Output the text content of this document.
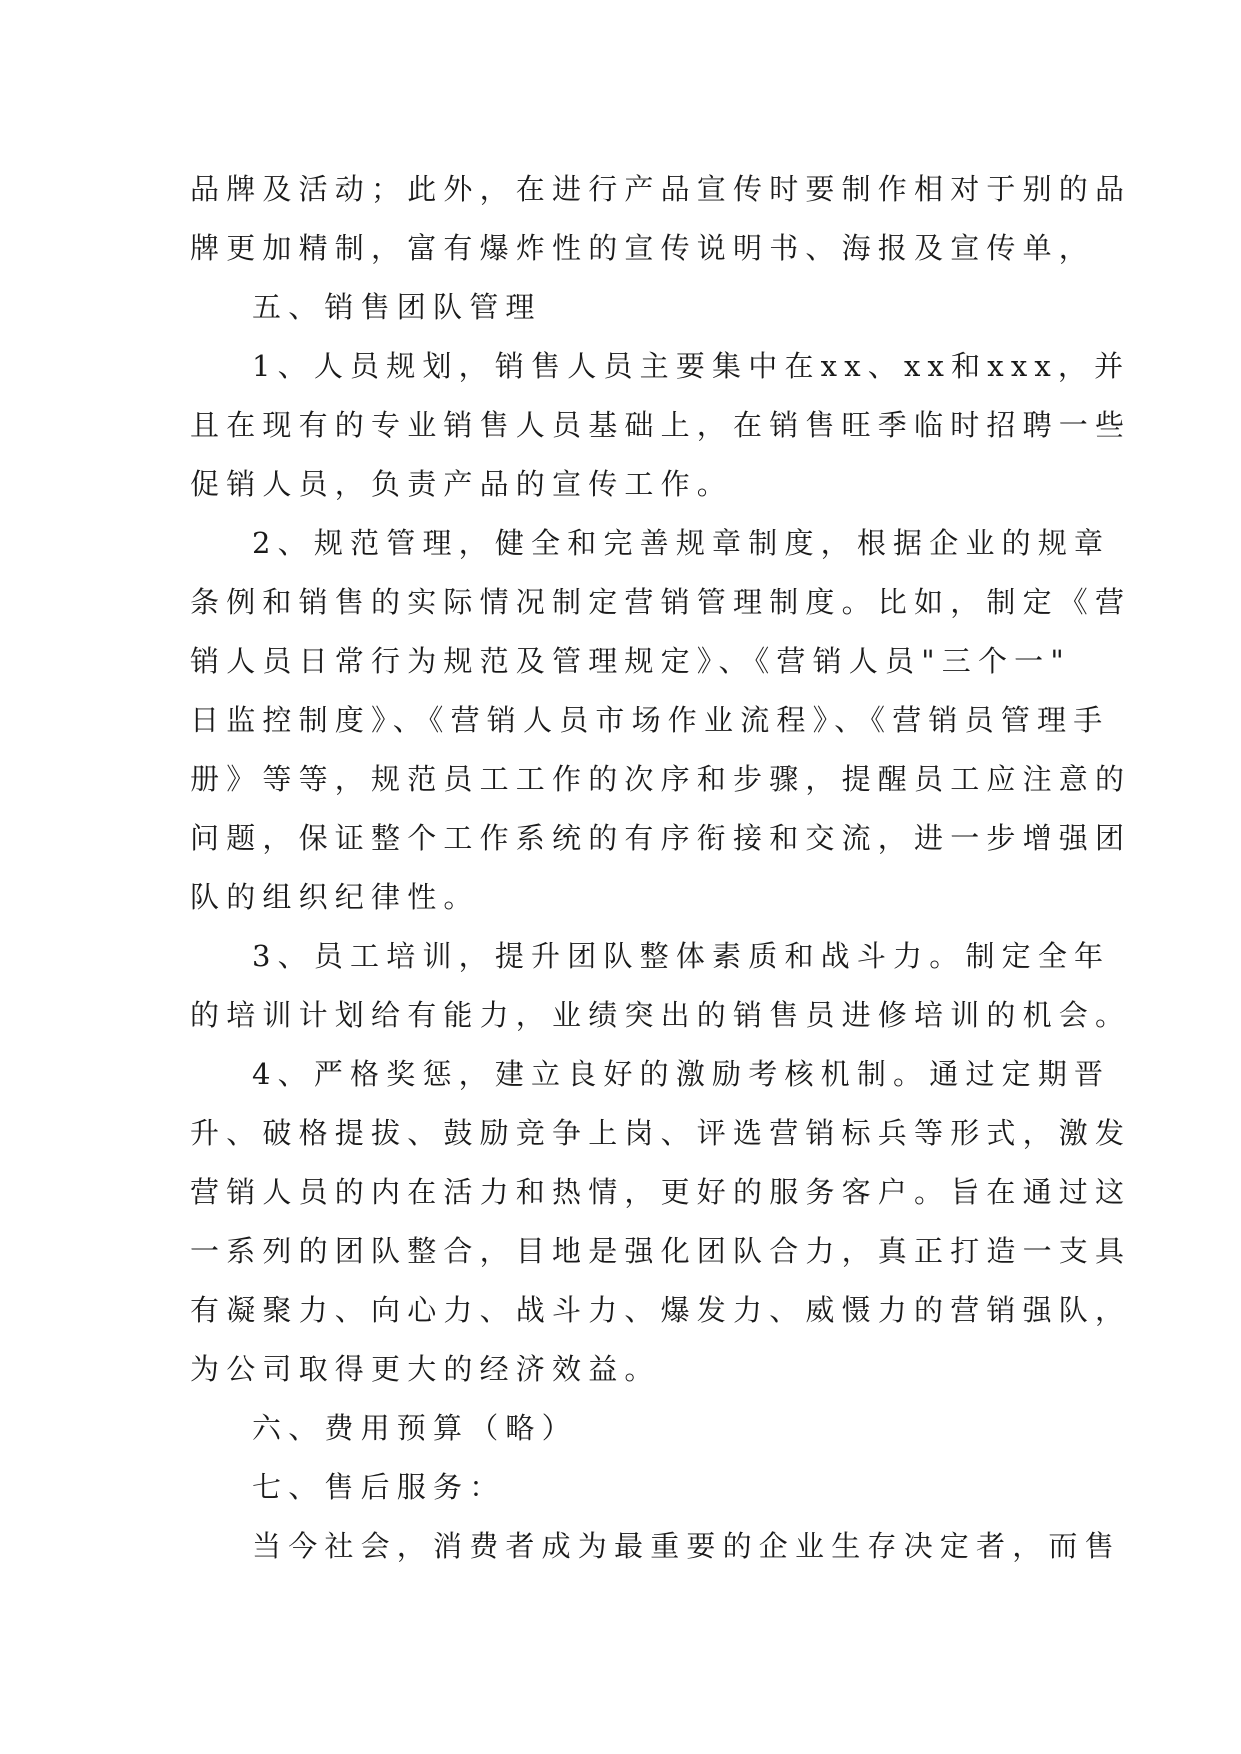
品牌及活动；此外，在进行产品宣传时要制作相对于别的品
牌更加精制，富有爆炸性的宣传说明书、海报及宣传单，
五、销售团队管理
1、人员规划，销售人员主要集中在xx、xx和xxx，并
且在现有的专业销售人员基础上，在销售旺季临时招聘一些
促销人员，负责产品的宣传工作。
2、规范管理，健全和完善规章制度，根据企业的规章
条例和销售的实际情况制定营销管理制度。比如，制定《营
销人员日常行为规范及管理规定》、《营销人员"三个一"
日监控制度》、《营销人员市场作业流程》、《营销员管理手
册》等等，规范员工工作的次序和步骤，提醒员工应注意的
问题，保证整个工作系统的有序衔接和交流，进一步增强团
队的组织纪律性。
3、员工培训，提升团队整体素质和战斗力。制定全年
的培训计划给有能力，业绩突出的销售员进修培训的机会。
4、严格奖惩，建立良好的激励考核机制。通过定期晋
升、破格提拔、鼓励竞争上岗、评选营销标兵等形式，激发
营销人员的内在活力和热情，更好的服务客户。旨在通过这
一系列的团队整合，目地是强化团队合力，真正打造一支具
有凝聚力、向心力、战斗力、爆发力、威慑力的营销强队，
为公司取得更大的经济效益。
六、费用预算（略）
七、售后服务：
当今社会，消费者成为最重要的企业生存决定者，而售
